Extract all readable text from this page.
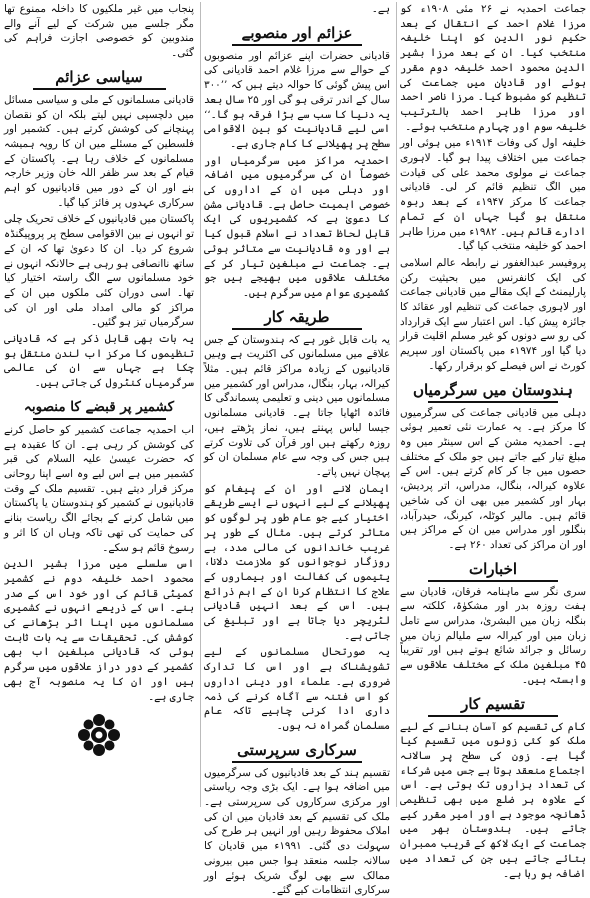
جماعت احمدیہ نے ۲۶ مئی ۱۹۰۸ء کو مرزا غلام احمد کے انتقال کے بعد حکیم نور الدین کو اپنا خلیفہ منتخب کیا۔ ان کے بعد مرزا بشیر الدین محمود احمد خلیفہ دوم مقرر ہوئے اور قادیان میں جماعت کی تنظیم کو مضبوط کیا۔ مرزا ناصر احمد اور مرزا طاہر احمد بالترتیب خلیفہ سوم اور چہارم منتخب ہوئے۔

خلیفہ اول کی وفات ۱۹۱۴ء میں ہوئی اور جماعت میں اختلاف پیدا ہو گیا۔ لاہوری جماعت نے مولوی محمد علی کی قیادت میں الگ تنظیم قائم کر لی۔ قادیانی جماعت کا مرکز ۱۹۴۷ء کے بعد ربوہ منتقل ہو گیا جہاں ان کے تمام ادارے قائم ہیں۔ ۱۹۸۲ء میں مرزا طاہر احمد کو خلیفہ منتخب کیا گیا۔

پروفیسر عبدالغفور نے رابطہ عالم اسلامی کی ایک کانفرنس میں بحیثیت رکن پارلیمنٹ کے ایک مقالے میں قادیانی جماعت اور لاہوری جماعت کی تنظیم اور عقائد کا جائزہ پیش کیا۔ اس اعتبار سے ایک قرارداد کی رو سے دونوں کو غیر مسلم اقلیت قرار دیا گیا اور ۱۹۷۴ء میں پاکستان اور سپریم کورٹ نے اس فیصلے کو برقرار رکھا۔

ہندوستان میں سرگرمیاں

دہلی میں قادیانی جماعت کی سرگرمیوں کا مرکز ہے۔ یہ عمارت نئی تعمیر ہوئی ہے۔ احمدیہ مشن کے اس سینٹر میں وہ مبلغ تیار کیے جاتے ہیں جو ملک کے مختلف حصوں میں جا کر کام کرتے ہیں۔ اس کے علاوہ کیرالہ، بنگال، مدراس، اتر پردیش، بہار اور کشمیر میں بھی ان کی شاخیں قائم ہیں۔ مالیر کوٹلہ، کیرنگ، حیدرآباد، بنگلور اور مدراس میں ان کے مراکز ہیں اور ان مراکز کی تعداد ۲۶۰ ہے۔

اخبارات

سری نگر سے ماہنامہ فرقان، قادیان سے ہفت روزہ بدر اور مشکوٰۃ، کلکتہ سے بنگلہ زبان میں البشریٰ، مدراس سے تامل زبان میں اور کیرالہ سے ملیالم زبان میں رسائل و جرائد شائع ہوتے ہیں اور تقریباً ۴۵ مبلغین ملک کے مختلف علاقوں سے وابستہ ہیں۔

تقسیم کار

کام کی تقسیم کو آسان بنانے کے لیے ملک کو کئی زونوں میں تقسیم کیا گیا ہے۔ زون کی سطح پر سالانہ اجتماع منعقد ہوتا ہے جس میں شرکاء کی تعداد ہزاروں تک ہوتی ہے۔ اس کے علاوہ ہر ضلع میں بھی تنظیمی ڈھانچہ موجود ہے اور امیر مقرر کیے جاتے ہیں۔ ہندوستان بھر میں جماعت کے ایک لاکھ کے قریب ممبران بتائے جاتے ہیں جن کی تعداد میں اضافہ ہو رہا ہے۔

ہے۔

عزائم اور منصوبے

قادیانی حضرات اپنے عزائم اور منصوبوں کے حوالے سے مرزا غلام احمد قادیانی کی اس پیش گوئی کا حوالہ دیتے ہیں کہ ’’۳۰۰ سال کے اندر ترقی ہو گی اور ۲۵ سال بعد یہ دنیا کا سب سے بڑا فرقہ ہو گا۔‘‘ اسی لیے قادیانیت کو بین الاقوامی سطح پر پھیلانے کا کام جاری ہے۔

احمدیہ مراکز میں سرگرمیاں اور خصوصاً ان کی سرگرمیوں میں اضافہ اور دہلی میں ان کے اداروں کی خصوصی اہمیت حاصل ہے۔ قادیانی مشن کا دعویٰ ہے کہ کشمیریوں کی ایک قابل لحاظ تعداد نے اسلام قبول کیا ہے اور وہ قادیانیت سے متاثر ہوئی ہے۔ جماعت نے مبلغین تیار کر کے مختلف علاقوں میں بھیجے ہیں جو کشمیری عوام میں سرگرم ہیں۔

طریقہ کار

یہ بات قابل غور ہے کہ ہندوستان کے جس علاقے میں مسلمانوں کی اکثریت ہے وہیں قادیانیوں کے زیادہ مراکز قائم ہیں۔ مثلاً کیرالہ، بہار، بنگال، مدراس اور کشمیر میں مسلمانوں میں دینی و تعلیمی پسماندگی کا فائدہ اٹھایا جاتا ہے۔ قادیانی مسلمانوں جیسا لباس پہنتے ہیں، نماز پڑھتے ہیں، روزہ رکھتے ہیں اور قرآن کی تلاوت کرتے ہیں جس کی وجہ سے عام مسلمان ان کو پہچان نہیں پاتے۔

ایمان لانے اور ان کے پیغام کو پھیلانے کے لیے انہوں نے ایسے طریقے اختیار کیے جو عام طور پر لوگوں کو متاثر کرتے ہیں۔ مثال کے طور پر غریب خاندانوں کی مالی مدد، بے روزگار نوجوانوں کو ملازمت دلانا، یتیموں کی کفالت اور بیماروں کے علاج کا انتظام کرنا ان کے اہم ذرائع ہیں۔ اس کے بعد انہیں قادیانی لٹریچر دیا جاتا ہے اور تبلیغ کی جاتی ہے۔

یہ صورتحال مسلمانوں کے لیے تشویشناک ہے اور اس کا تدارک ضروری ہے۔ علماء اور دینی اداروں کو اس فتنہ سے آگاہ کرنے کی ذمہ داری ادا کرنی چاہیے تاکہ عام مسلمان گمراہ نہ ہوں۔

سرکاری سرپرستی

تقسیم ہند کے بعد قادیانیوں کی سرگرمیوں میں اضافہ ہوا ہے۔ ایک بڑی وجہ ریاستی اور مرکزی سرکاروں کی سرپرستی ہے۔ ملک کی تقسیم کے بعد قادیان میں ان کی املاک محفوظ رہیں اور انہیں ہر طرح کی سہولت دی گئی۔ ۱۹۹۱ء میں قادیان کا سالانہ جلسہ منعقد ہوا جس میں بیرونی ممالک سے بھی لوگ شریک ہوئے اور سرکاری انتظامات کیے گئے۔

پنجاب میں غیر ملکیوں کا داخلہ ممنوع تھا مگر جلسے میں شرکت کے لیے آنے والے مندوبین کو خصوصی اجازت فراہم کی گئی۔

سیاسی عزائم

قادیانی مسلمانوں کے ملی و سیاسی مسائل میں دلچسپی نہیں لیتے بلکہ ان کو نقصان پہنچانے کی کوشش کرتے ہیں۔ کشمیر اور فلسطین کے مسئلے میں ان کا رویہ ہمیشہ مسلمانوں کے خلاف رہا ہے۔ پاکستان کے قیام کے بعد سر ظفر اللہ خان وزیر خارجہ بنے اور ان کے دور میں قادیانیوں کو اہم سرکاری عہدوں پر فائز کیا گیا۔

پاکستان میں قادیانیوں کے خلاف تحریک چلی تو انہوں نے بین الاقوامی سطح پر پروپیگنڈہ شروع کر دیا۔ ان کا دعویٰ تھا کہ ان کے ساتھ ناانصافی ہو رہی ہے حالانکہ انہوں نے خود مسلمانوں سے الگ راستہ اختیار کیا تھا۔ اسی دوران کئی ملکوں میں ان کے مراکز کو مالی امداد ملی اور ان کی سرگرمیاں تیز ہو گئیں۔

یہ بات بھی قابل ذکر ہے کہ قادیانی تنظیموں کا مرکز اب لندن منتقل ہو چکا ہے جہاں سے ان کی عالمی سرگرمیاں کنٹرول کی جاتی ہیں۔

کشمیر پر قبضے کا منصوبہ

اب احمدیہ جماعت کشمیر کو حاصل کرنے کی کوشش کر رہی ہے۔ ان کا عقیدہ ہے کہ حضرت عیسیٰ علیہ السلام کی قبر کشمیر میں ہے اس لیے وہ اسے اپنا روحانی مرکز قرار دیتے ہیں۔ تقسیم ملک کے وقت قادیانیوں نے کشمیر کو ہندوستان یا پاکستان میں شامل کرنے کے بجائے الگ ریاست بنانے کی حمایت کی تھی تاکہ وہاں ان کا اثر و رسوخ قائم ہو سکے۔

اس سلسلے میں مرزا بشیر الدین محمود احمد خلیفہ دوم نے کشمیر کمیٹی قائم کی اور خود اس کے صدر بنے۔ اس کے ذریعے انہوں نے کشمیری مسلمانوں میں اپنا اثر بڑھانے کی کوشش کی۔ تحقیقات سے یہ بات ثابت ہوئی کہ قادیانی مبلغین اب بھی کشمیر کے دور دراز علاقوں میں سرگرم ہیں اور ان کا یہ منصوبہ آج بھی جاری ہے۔
